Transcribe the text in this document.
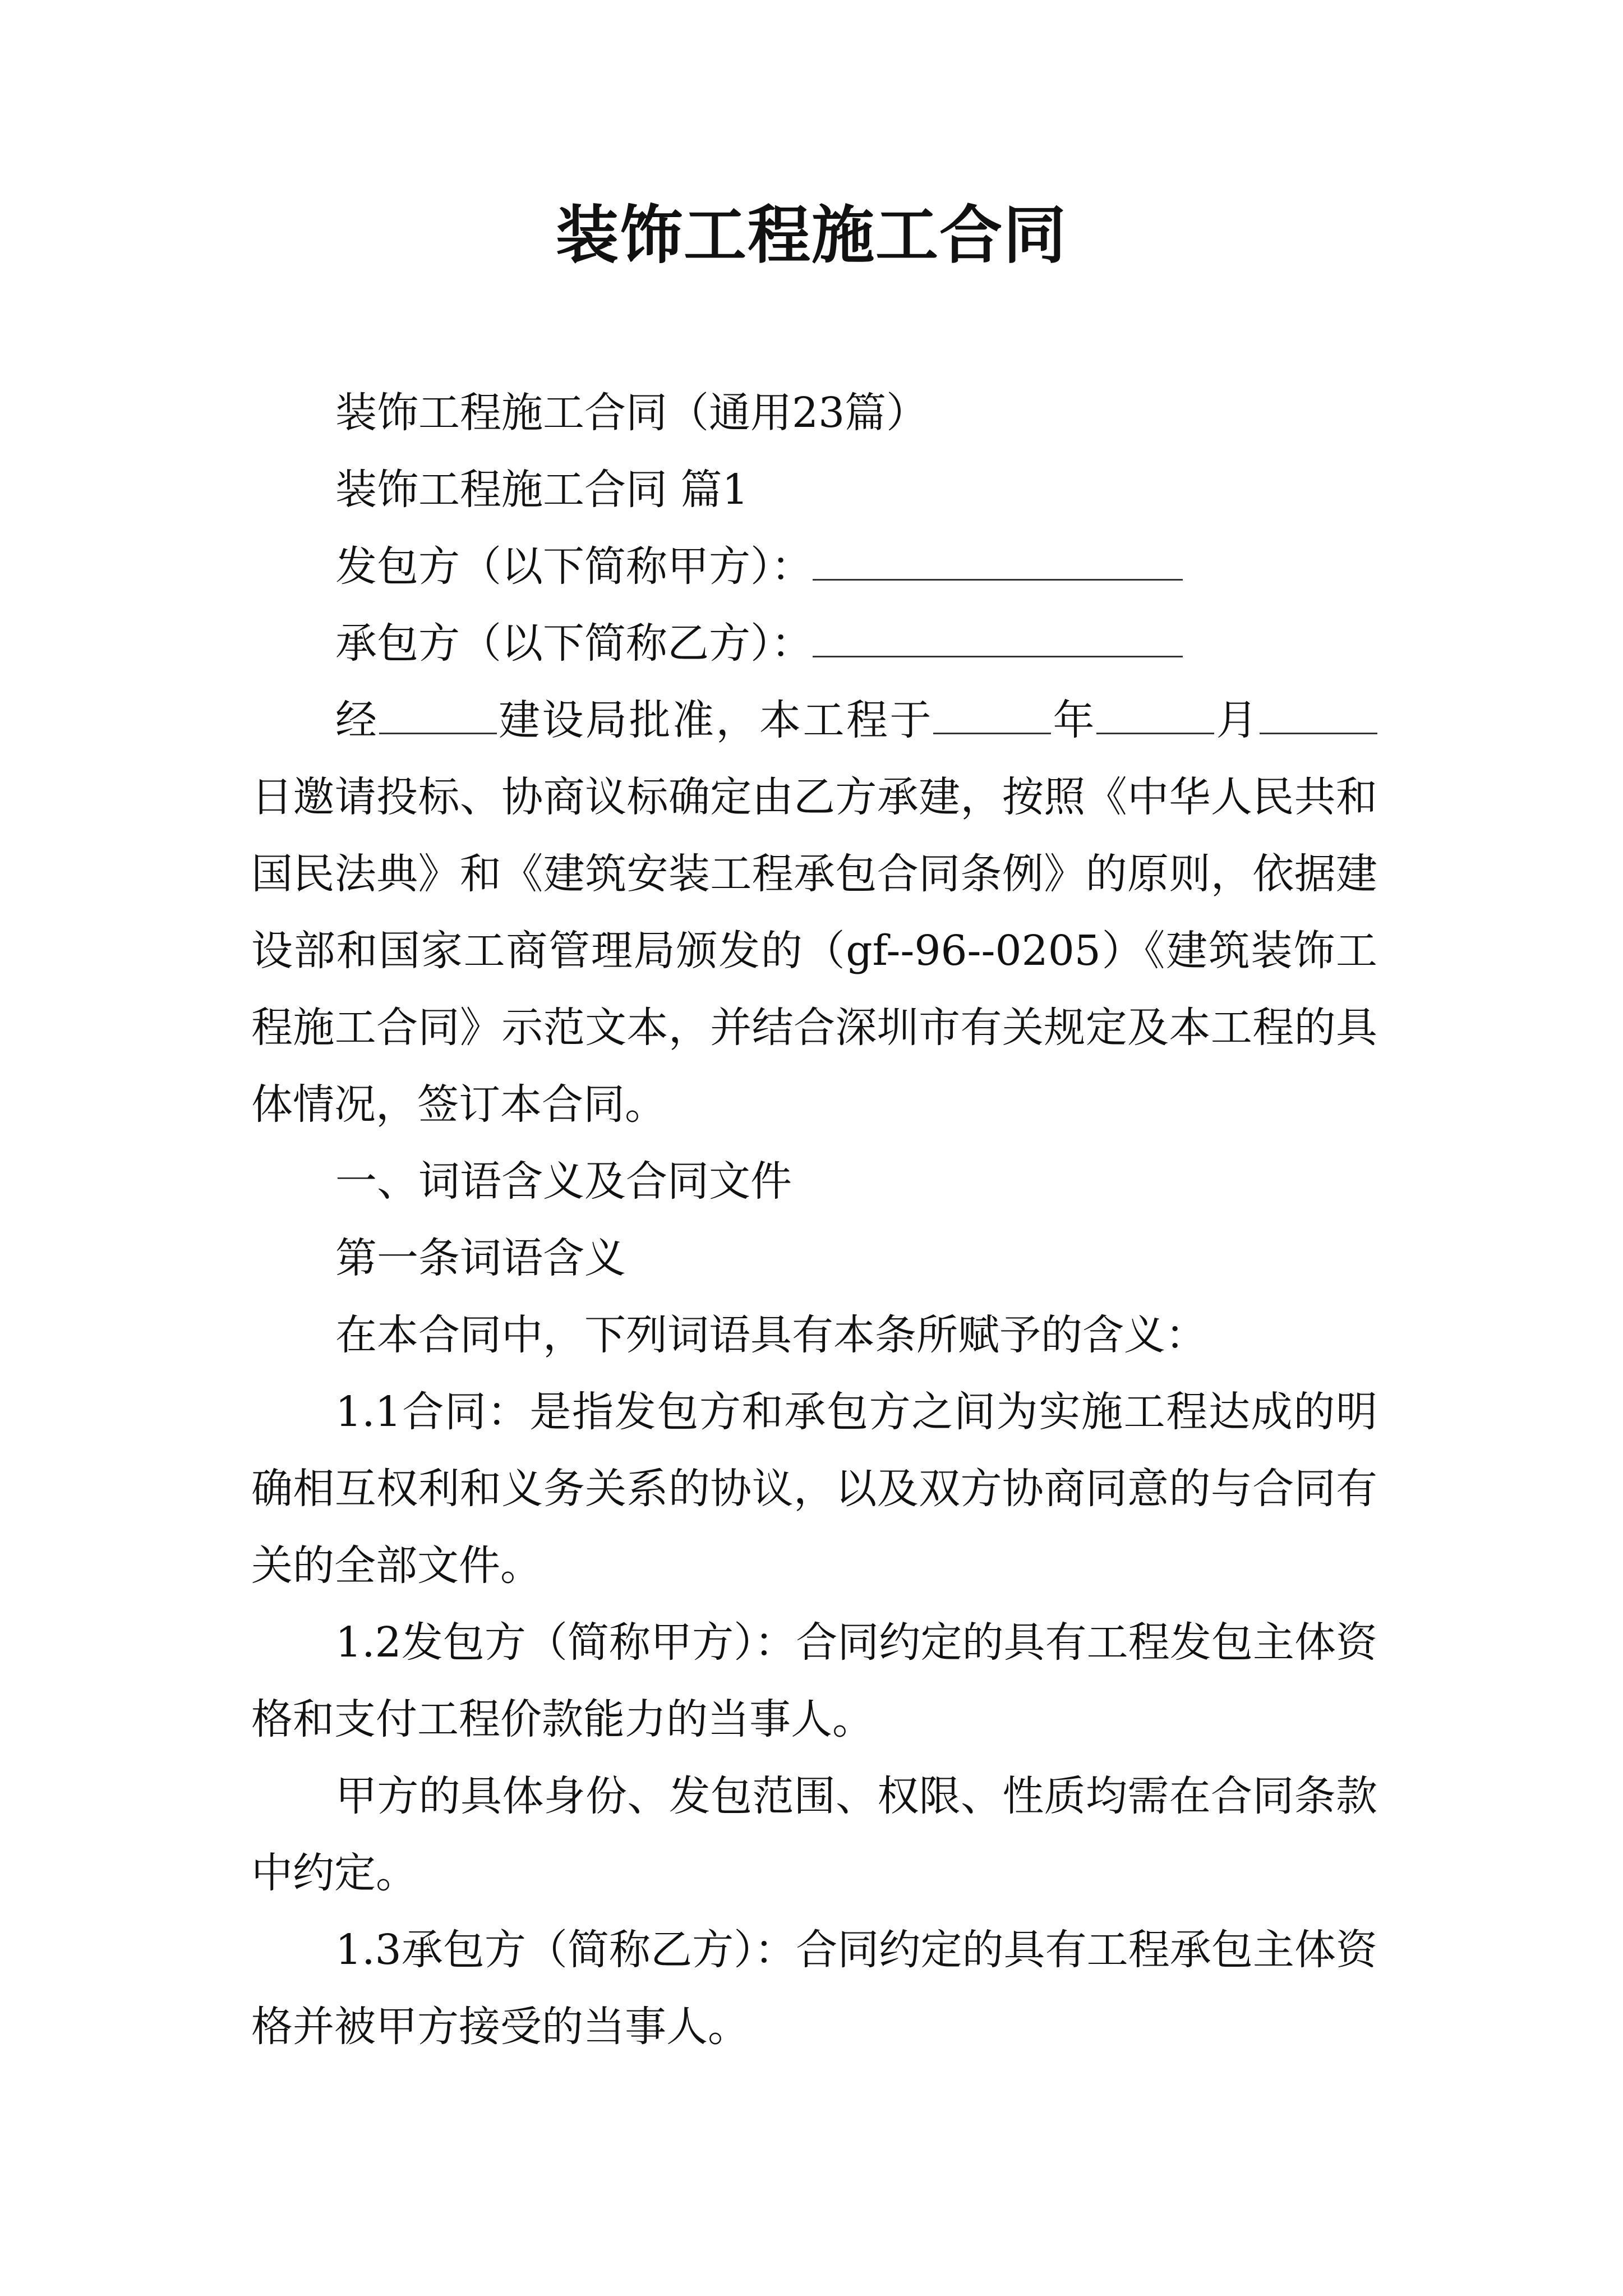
装饰工程施工合同

装饰工程施工合同（通用23篇）

装饰工程施工合同 篇1

发包方（以下简称甲方）：

承包方（以下简称乙方）：

经	建设局批准，本工程于	年	月日邀请投标、协商议标确定由乙方承建，按照《中华人民共和国民法典》和《建筑安装工程承包合同条例》的原则，依据建设部和国家工商管理局颁发的（gf--96--0205）《建筑装饰工程施工合同》示范文本，并结合深圳市有关规定及本工程的具体情况，签订本合同。

一、词语含义及合同文件

第一条词语含义

在本合同中，下列词语具有本条所赋予的含义：

1.1合同：是指发包方和承包方之间为实施工程达成的明确相互权利和义务关系的协议，以及双方协商同意的与合同有关的全部文件。

1.2发包方（简称甲方）：合同约定的具有工程发包主体资格和支付工程价款能力的当事人。

甲方的具体身份、发包范围、权限、性质均需在合同条款中约定。

1.3承包方（简称乙方）：合同约定的具有工程承包主体资格并被甲方接受的当事人。
